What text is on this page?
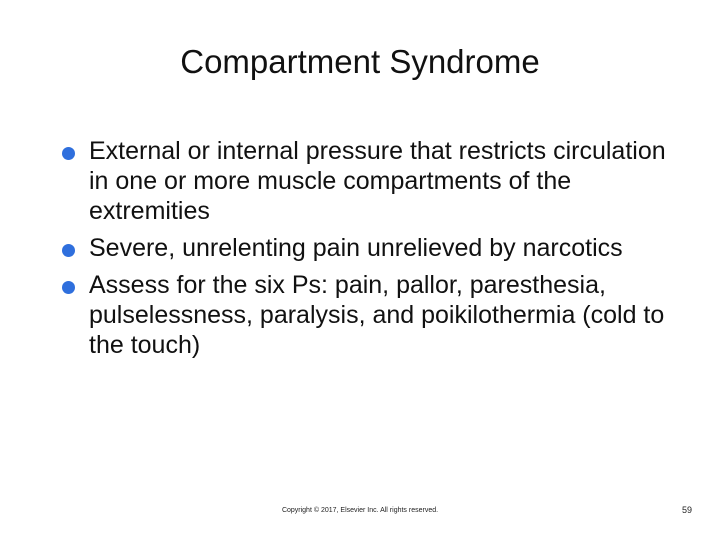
Compartment Syndrome
External or internal pressure that restricts circulation in one or more muscle compartments of the extremities
Severe, unrelenting pain unrelieved by narcotics
Assess for the six Ps: pain, pallor, paresthesia, pulselessness, paralysis, and poikilothermia (cold to the touch)
Copyright © 2017, Elsevier Inc. All rights reserved.	59
